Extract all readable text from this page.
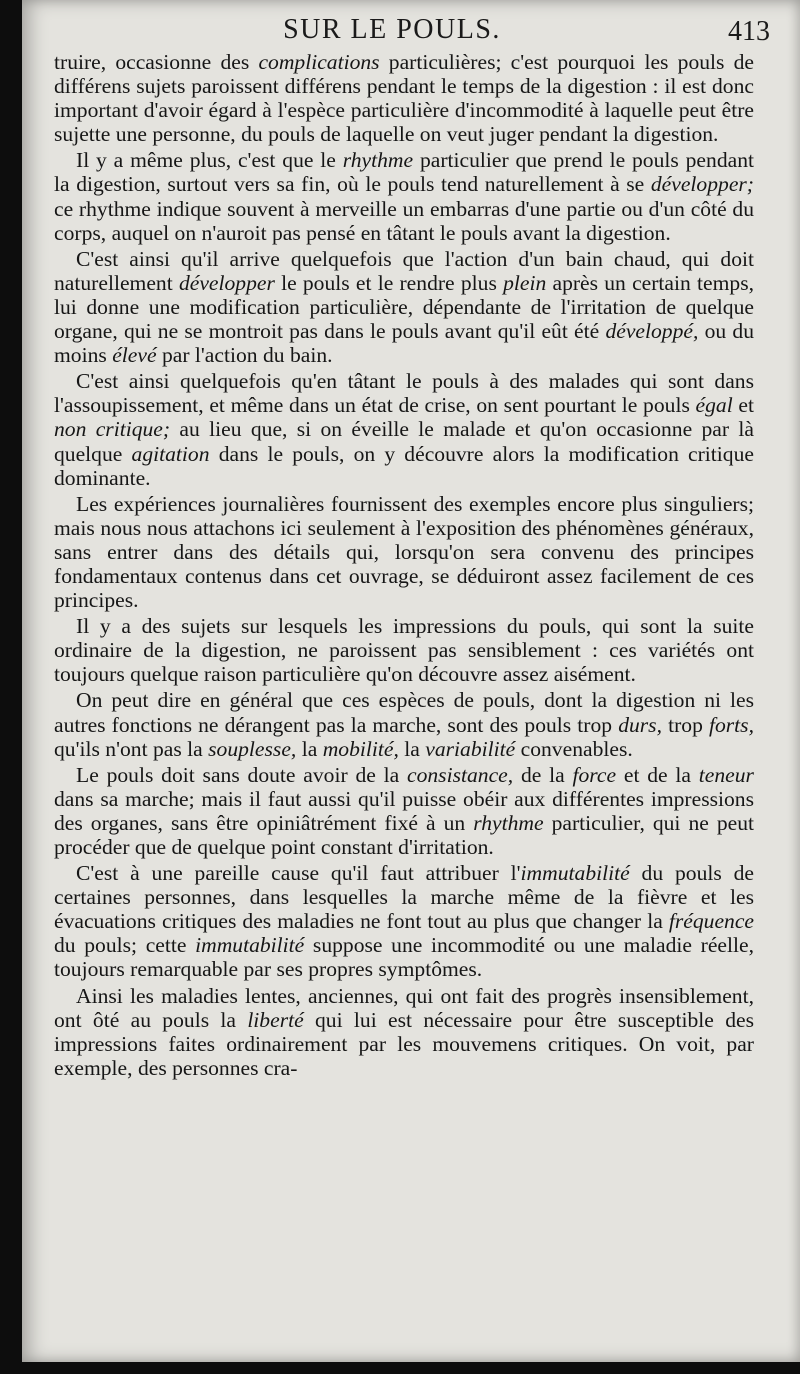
SUR LE POULS.	413

truire, occasionne des complications particulières; c'est pourquoi les pouls de différens sujets paroissent différens pendant le temps de la digestion : il est donc important d'avoir égard à l'espèce particulière d'incommodité à laquelle peut être sujette une personne, du pouls de laquelle on veut juger pendant la digestion.

Il y a même plus, c'est que le rhythme particulier que prend le pouls pendant la digestion, surtout vers sa fin, où le pouls tend naturellement à se développer; ce rhythme indique souvent à merveille un embarras d'une partie ou d'un côté du corps, auquel on n'auroit pas pensé en tâtant le pouls avant la digestion.

C'est ainsi qu'il arrive quelquefois que l'action d'un bain chaud, qui doit naturellement développer le pouls et le rendre plus plein après un certain temps, lui donne une modification particulière, dépendante de l'irritation de quelque organe, qui ne se montroit pas dans le pouls avant qu'il eût été développé, ou du moins élevé par l'action du bain.

C'est ainsi quelquefois qu'en tâtant le pouls à des malades qui sont dans l'assoupissement, et même dans un état de crise, on sent pourtant le pouls égal et non critique; au lieu que, si on éveille le malade et qu'on occasionne par là quelque agitation dans le pouls, on y découvre alors la modification critique dominante.

Les expériences journalières fournissent des exemples encore plus singuliers; mais nous nous attachons ici seulement à l'exposition des phénomènes généraux, sans entrer dans des détails qui, lorsqu'on sera convenu des principes fondamentaux contenus dans cet ouvrage, se déduiront assez facilement de ces principes.

Il y a des sujets sur lesquels les impressions du pouls, qui sont la suite ordinaire de la digestion, ne paroissent pas sensiblement : ces variétés ont toujours quelque raison particulière qu'on découvre assez aisément.

On peut dire en général que ces espèces de pouls, dont la digestion ni les autres fonctions ne dérangent pas la marche, sont des pouls trop durs, trop forts, qu'ils n'ont pas la souplesse, la mobilité, la variabilité convenables.

Le pouls doit sans doute avoir de la consistance, de la force et de la teneur dans sa marche; mais il faut aussi qu'il puisse obéir aux différentes impressions des organes, sans être opiniâtrément fixé à un rhythme particulier, qui ne peut procéder que de quelque point constant d'irritation.

C'est à une pareille cause qu'il faut attribuer l'immutabilité du pouls de certaines personnes, dans lesquelles la marche même de la fièvre et les évacuations critiques des maladies ne font tout au plus que changer la fréquence du pouls; cette immutabilité suppose une incommodité ou une maladie réelle, toujours remarquable par ses propres symptômes.

Ainsi les maladies lentes, anciennes, qui ont fait des progrès insensiblement, ont ôté au pouls la liberté qui lui est nécessaire pour être susceptible des impressions faites ordinairement par les mouvemens critiques. On voit, par exemple, des personnes cra-
